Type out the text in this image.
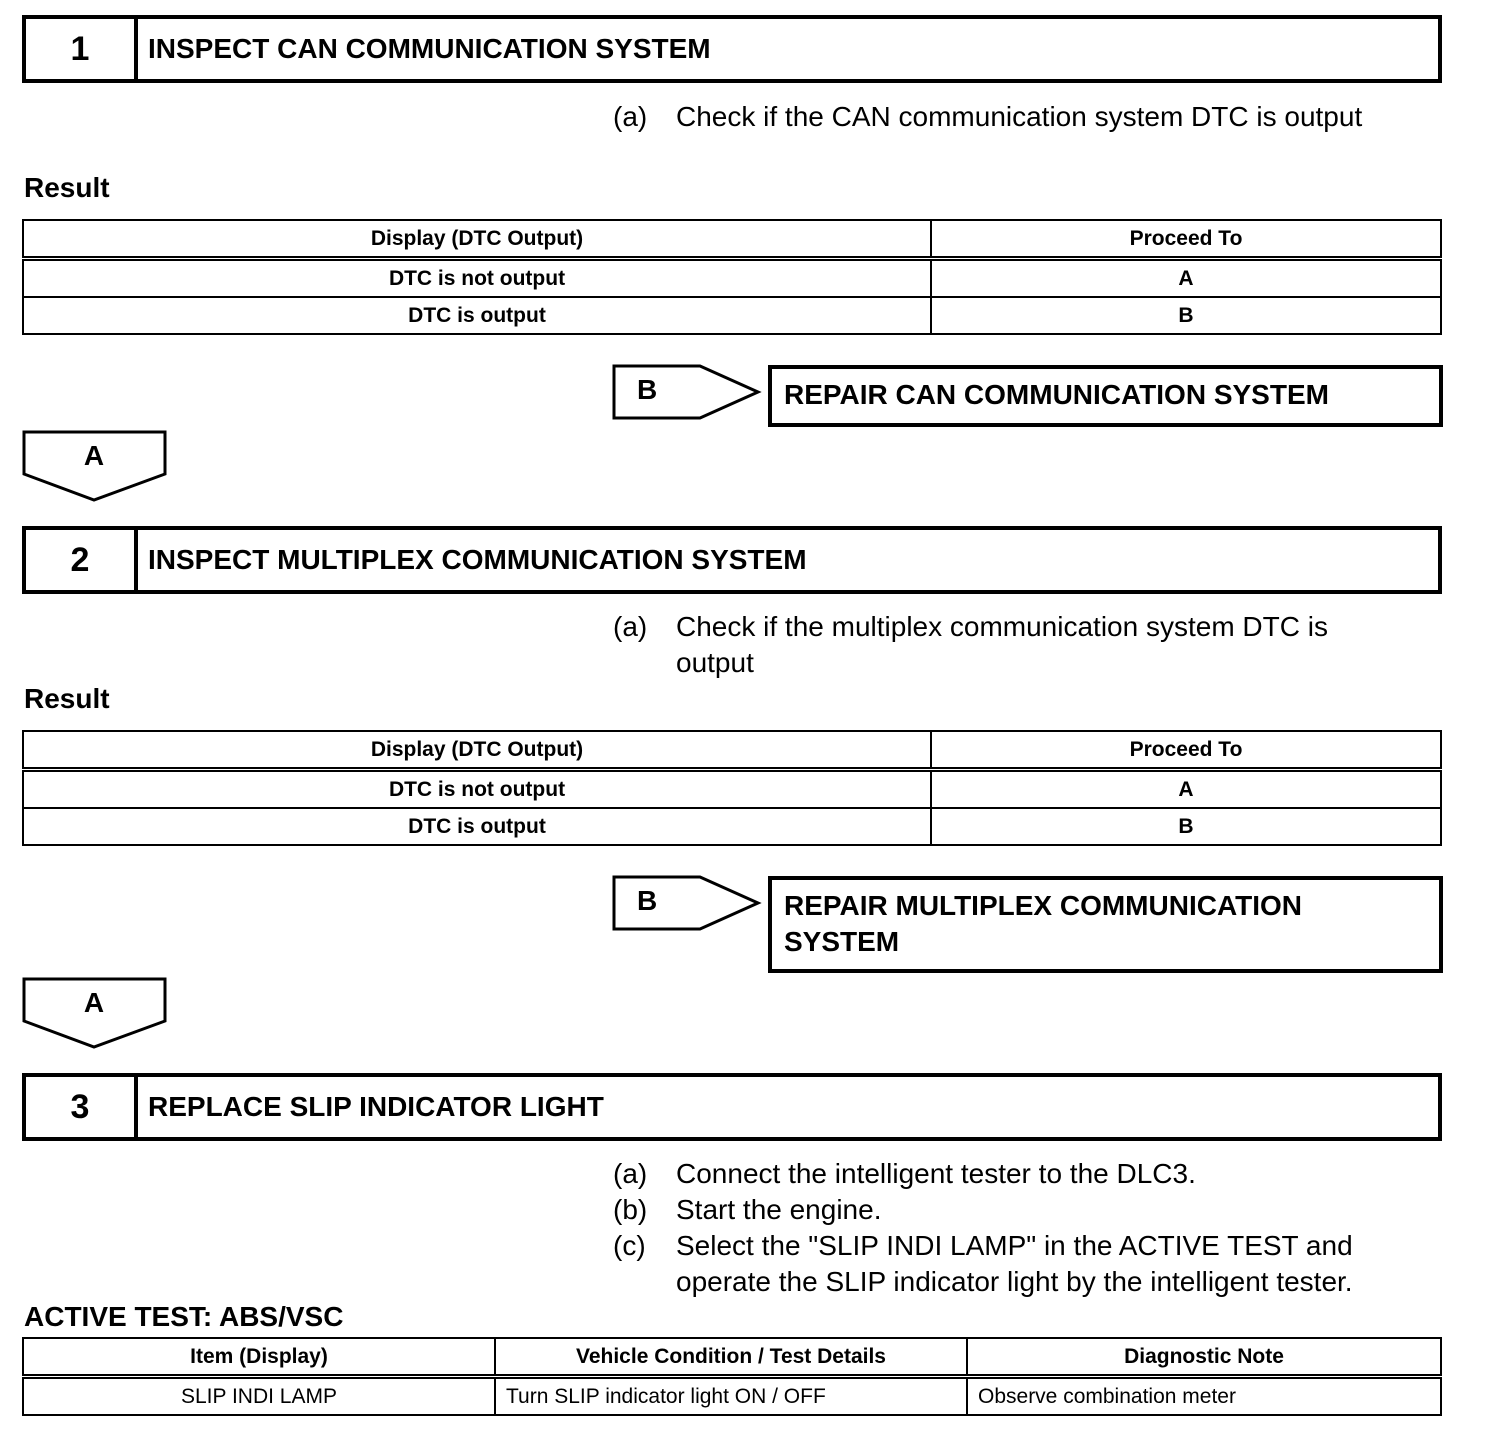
1	INSPECT CAN COMMUNICATION SYSTEM
(a) Check if the CAN communication system DTC is output
Result
Display (DTC Output)	Proceed To
DTC is not output	A
DTC is output	B
B	REPAIR CAN COMMUNICATION SYSTEM
A
2	INSPECT MULTIPLEX COMMUNICATION SYSTEM
(a) Check if the multiplex communication system DTC is
output
Result
Display (DTC Output)	Proceed To
DTC is not output	A
DTC is output	B
B	REPAIR MULTIPLEX COMMUNICATION
SYSTEM
A
3	REPLACE SLIP INDICATOR LIGHT
(a) Connect the intelligent tester to the DLC3.
(b) Start the engine.
(c) Select the "SLIP INDI LAMP" in the ACTIVE TEST and
operate the SLIP indicator light by the intelligent tester.
ACTIVE TEST: ABS/VSC
Item (Display)	Vehicle Condition / Test Details	Diagnostic Note
SLIP INDI LAMP	Turn SLIP indicator light ON / OFF	Observe combination meter
